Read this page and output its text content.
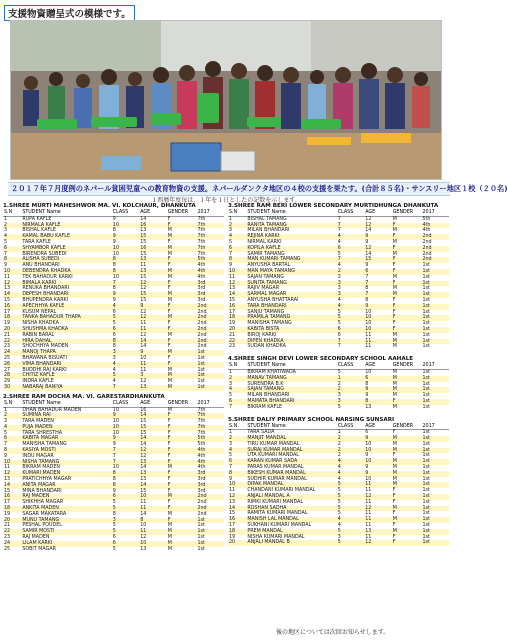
支援物資贈呈式の模様です。
２０１７年７月度例のネパール貧困児童への教育物資の支援。ネパールダンクタ地区の４校の支援を果たす。(合計８５名)・サンスリー地区１校（２０名)
１西暦年度毎は、１年を１日としたの記数を示します。
1.SHREE MURTI MAHESHWOR MA. VI. KOLCHAUR, DHANKUTA
S.N	STUDENT Name	CLASS	AGE	GENDER	2017
1	RUPA KAFLE	9	14	F	7th
2	NIRMALA KAFLE	10	16	F	7th
3	BISHAL KAFLE	8	13	M	7th
4	KAMAL BABU KAFLE	9	15	M	7th
5	TARA KAFLE	9	15	F	7th
6	SHYAMBOR KAFLE	10	16	M	7th
7	BIRENDRA SUBEDI	10	15	M	7th
8	ALISHA SUBEDI	8	13	F	5th
9	ANU BHANDARI	8	11	F	4th
10	DEBENDRA KHADKA	8	13	M	4th
11	TEK BAHADUR KARKI	10	15	M	4th
12	BIMALA KARKI	7	12	F	3rd
13	RENUKA BHANDARI	8	12	F	3rd
14	DEPESH BHANDARI	9	15	M	3rd
15	BHUPENDRA KARKI	9	15	M	3rd
16	APECHHYA KAFLE	4	9	F	2nd
17	KUSUM NEPAL	6	12	F	2nd
18	TANKA BAHADUR THAPA	5	12	M	2nd
19	NISHA KHADKA	5	11	F	2nd
20	SHUSHMA KHADKA	6	11	F	2nd
21	RABIN BARAL	6	12	M	2nd
22	HIRA DAHAL	8	14	F	2nd
23	SHOCHHYA MADEN	8	14	F	2nd
24	MANOJ THAPA	3	9	M	1st
25	BHAWANA BISUATI	3	10	F	1st
26	VIMA BHANDARI	4	11	F	1st
27	BUDDHI RAJ KARKI	4	11	M	1st
28	CHITIZ KAFLE	5	3	M	1st
29	INDRA KAFLE	4	12	M	1st
30	NABARAJ BANIYA	7	13	M	1st
2.SHREE RAM DOCHA MA. VI. GARESTARDHANKUTA
S.N	STUDENT Name	CLASS	AGE	GENDER	2017
1	DHAN BAHADUR MADEN	10	16	M	7th
2	SUMINA RAI	9	14	F	7th
3	TARA MADEN	10	15	F	7th
4	PUJA MADEN	10	15	F	7th
5	TARA SHRESTHA	10	15	F	7th
6	KABITA MAGAR	9	14	F	5th
7	MANISHA TAMANG	9	14	F	5th
8	KASIYA MOSTI	7	12	F	4th
9	INDU MAGAR	7	12	F	4th
10	NISHA TAMANG	7	13	F	4th
11	BIKRAM MADEN	10	14	M	4th
12	KUMARI MADEN	8	13	F	3rd
13	PRATICHHYA MAGAR	8	13	F	3rd
14	ANITA MAGAR	8	14	F	3rd
15	MINA BHANDARI	9	15	F	3rd
16	RAJ MADEN	6	10	M	2nd
17	SHIKHHA MAGAR	5	11	F	2nd
18	ANKITA MADEN	5	11	F	2nd
19	SAGAR MAKATARA	8	14	M	2nd
20	MUNU TAMANG	3	8	F	1st
21	PESHAL POUDEL	5	10	M	1st
22	SAMIR MOSTI	5	11	M	1st
23	RAJ MADEN	6	12	M	1st
24	LILAM KARKI	6	10	M	1st
25	SOBIT MAGAR	5	13	M	1st
3.SHREE RAM BERI LOWER SECONDARY MURTIDHUNGA DHANKUTA
S.N	STUDENT Name	CLASS	AGE	GENDER	2017
1	BISHAL TAMANG	7	12	M	5th
2	RANITA TAMANG	7	12	F	4th
3	MILAN BHANDARI	7	14	M	4th
4	REJINA KARKI	4	9	F	2nd
5	NIRMAL KARKI	4	9	M	2nd
6	KOPILA KAFLE	6	12	F	2nd
7	SAMIR TAMANG	5	14	M	2nd
8	MAN KUMARI TAMANG	7	15	F	2nd
9	ANYUSHA BARTAL	4	9	F	1st
10	MAN MAYA TAMANG	2	6	F	1st
11	SAJAN TAMANG	3	7	M	1st
12	SUNITA TAMANG	3	7	F	1st
13	RAJIV MAGAR	3	8	M	1st
14	SARMAL MAGAR	3	7	M	1st
15	ANYUSHA BHATTARAI	4	8	F	1st
16	TARA BHANDARI	4	9	F	1st
17	SANJU TAMANG	5	10	F	1st
18	PRAMILA TAMANG	5	10	F	1st
19	MANISHA TAMANG	5	10	F	1st
20	KABITA BISTA	6	10	F	1st
21	BIROJ KARKI	6	11	M	1st
22	DIPEN KHADKA	7	11	M	1st
23	SUDAN KHADKA	7	11	M	1st
4.SHREE SINGH DEVI LOWER SECONDARY SCHOOL AAHALE
S.N	STUDENT Name	CLASS	AGE	GENDER	2017
1	BIKRAM KHATIWADA	5	10	M	1st
2	MANAV TAMANG	1	6	M	1st
3	SURENDRA B.K	2	8	M	1st
4	SAJAN TAMANG	2	9	M	1st
5	MILAN BHANDARI	3	9	M	1st
6	MAMATA BHANDARI	3	8	F	1st
7	BIKRAM KAFLE	5	13	M	1st
5.SHREE DALIY PRIMARY SCHOOL NARSING SUNSARI
S.N	STUDENT Name	CLASS	AGE	GENDER	2017
1	TARA SADA	1	6	F	1st
2	MANJIT MANDAL	2	9	M	1st
3	TIRU KUMAR MANDAL	2	10	M	1st
4	SURAJ KUMAR MANDAL	2	10	M	1st
5	UTA KUMARI MANDAL	2	9	F	1st
6	KARAN KUMAR SADA	4	10	M	1st
7	PARAS KUMAR MANDAL	4	9	M	1st
8	BIKESH KUMAR MANDAL	4	9	M	1st
9	SUDHIR KUMAR MANDAL	4	10	M	1st
10	DIPAK MANDAL	5	11	M	1st
11	CHANDANI KUMARI MANDAL	5	11	F	1st
12	ANJALI MANDAL A	5	12	F	1st
13	RIMKI KUMARI MANDAL	5	11	F	1st
14	ROSHAN SADHA	5	12	M	1st
15	RAMITA KUMARI MANDAL	5	11	F	1st
16	MANISH LAL MANDAL	4	11	M	1st
17	SUKHANI KUMARI MANDAL	4	11	F	1st
18	PREM MANDAL	5	13	M	1st
19	NISHA KUMARI MANDAL	3	11	F	1st
20	ANJALI MANDAL B	5	12	F	1st
後の地区については次回お知らせします。
